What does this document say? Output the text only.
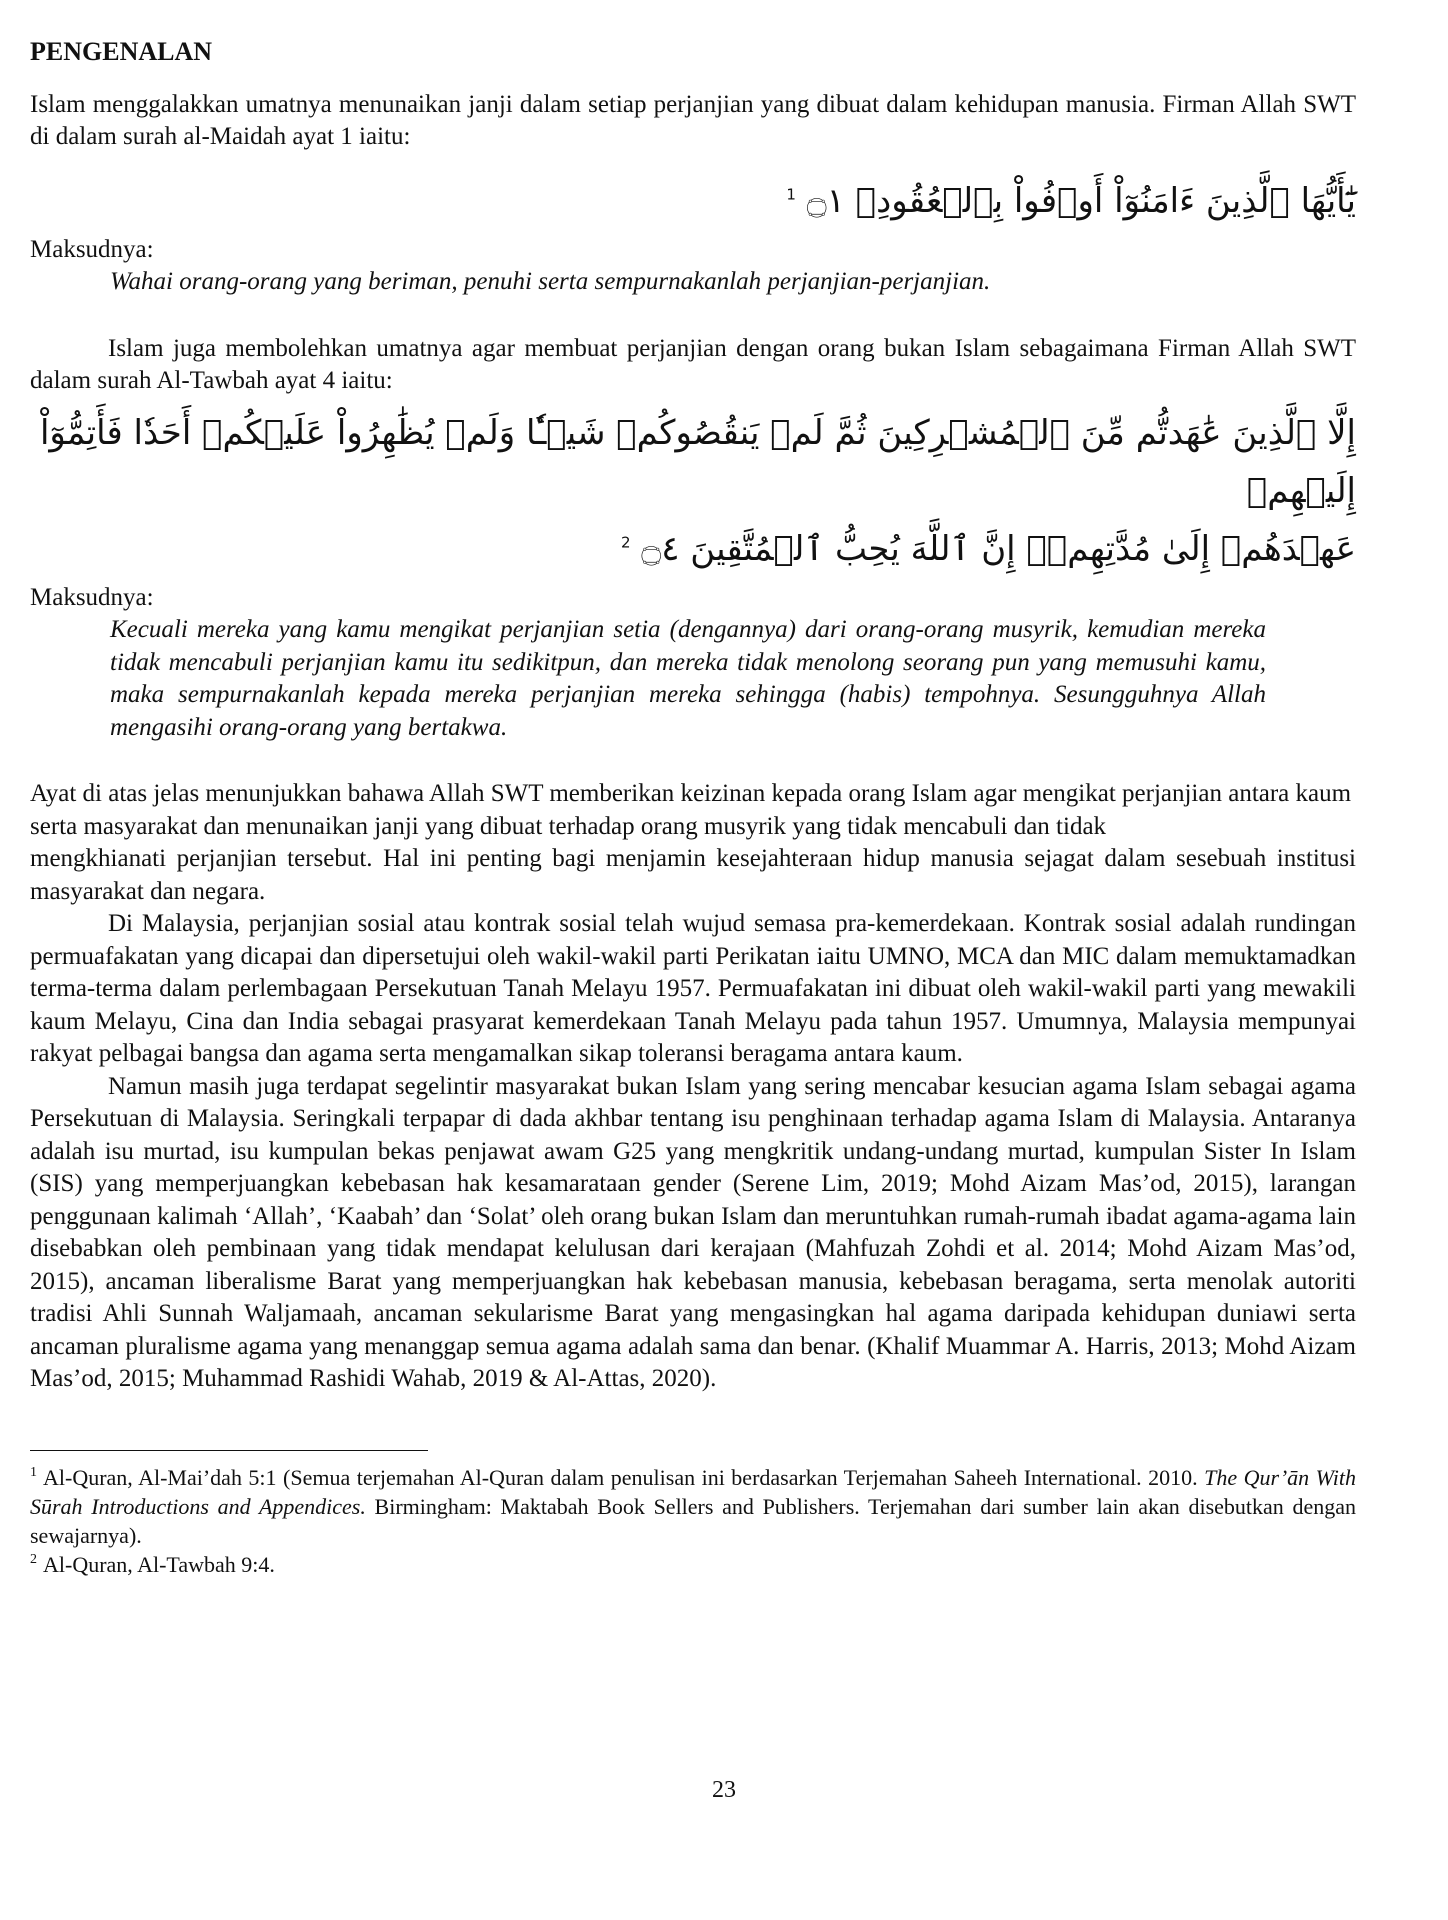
PENGENALAN

Islam menggalakkan umatnya menunaikan janji dalam setiap perjanjian yang dibuat dalam kehidupan manusia. Firman Allah SWT di dalam surah al-Maidah ayat 1 iaitu:

يَٰٓأَيُّهَا ٱلَّذِينَ ءَامَنُوٓاْ أَوۡفُواْ بِٱلۡعُقُودِۚ ۝١ $^1$
Maksudnya:

Wahai orang-orang yang beriman, penuhi serta sempurnakanlah perjanjian-perjanjian.

Islam juga membolehkan umatnya agar membuat perjanjian dengan orang bukan Islam sebagaimana Firman Allah SWT dalam surah Al-Tawbah ayat 4 iaitu:

إِلَّا ٱلَّذِينَ عَٰهَدتُّم مِّنَ ٱلۡمُشۡرِكِينَ ثُمَّ لَمۡ يَنقُصُوكُمۡ شَيۡـٔٗا وَلَمۡ يُظَٰهِرُواْ عَلَيۡكُمۡ أَحَدٗا فَأَتِمُّوٓاْ إِلَيۡهِمۡ
عَهۡدَهُمۡ إِلَىٰ مُدَّتِهِمۡۚ إِنَّ ٱللَّهَ يُحِبُّ ٱلۡمُتَّقِينَ ۝٤ $^2$
Maksudnya:

Kecuali mereka yang kamu mengikat perjanjian setia (dengannya) dari orang-orang musyrik, kemudian mereka tidak mencabuli perjanjian kamu itu sedikitpun, dan mereka tidak menolong seorang pun yang memusuhi kamu, maka sempurnakanlah kepada mereka perjanjian mereka sehingga (habis) tempohnya. Sesungguhnya Allah mengasihi orang-orang yang bertakwa.

Ayat di atas jelas menunjukkan bahawa Allah SWT memberikan keizinan kepada orang Islam agar mengikat perjanjian antara kaum serta masyarakat dan menunaikan janji yang dibuat terhadap orang musyrik yang tidak mencabuli dan tidak

mengkhianati perjanjian tersebut. Hal ini penting bagi menjamin kesejahteraan hidup manusia sejagat dalam sesebuah institusi masyarakat dan negara.

Di Malaysia, perjanjian sosial atau kontrak sosial telah wujud semasa pra-kemerdekaan. Kontrak sosial adalah rundingan permuafakatan yang dicapai dan dipersetujui oleh wakil-wakil parti Perikatan iaitu UMNO, MCA dan MIC dalam memuktamadkan terma-terma dalam perlembagaan Persekutuan Tanah Melayu 1957. Permuafakatan ini dibuat oleh wakil-wakil parti yang mewakili kaum Melayu, Cina dan India sebagai prasyarat kemerdekaan Tanah Melayu pada tahun 1957. Umumnya, Malaysia mempunyai rakyat pelbagai bangsa dan agama serta mengamalkan sikap toleransi beragama antara kaum.

Namun masih juga terdapat segelintir masyarakat bukan Islam yang sering mencabar kesucian agama Islam sebagai agama Persekutuan di Malaysia. Seringkali terpapar di dada akhbar tentang isu penghinaan terhadap agama Islam di Malaysia. Antaranya adalah isu murtad, isu kumpulan bekas penjawat awam G25 yang mengkritik undang-undang murtad, kumpulan Sister In Islam (SIS) yang memperjuangkan kebebasan hak kesamarataan gender (Serene Lim, 2019; Mohd Aizam Mas’od, 2015), larangan penggunaan kalimah ‘Allah’, ‘Kaabah’ dan ‘Solat’ oleh orang bukan Islam dan meruntuhkan rumah-rumah ibadat agama-agama lain disebabkan oleh pembinaan yang tidak mendapat kelulusan dari kerajaan (Mahfuzah Zohdi et al. 2014; Mohd Aizam Mas’od, 2015), ancaman liberalisme Barat yang memperjuangkan hak kebebasan manusia, kebebasan beragama, serta menolak autoriti tradisi Ahli Sunnah Waljamaah, ancaman sekularisme Barat yang mengasingkan hal agama daripada kehidupan duniawi serta ancaman pluralisme agama yang menanggap semua agama adalah sama dan benar. (Khalif Muammar A. Harris, 2013; Mohd Aizam Mas’od, 2015; Muhammad Rashidi Wahab, 2019 & Al-Attas, 2020).

$^1$ Al-Quran, Al-Mai’dah 5:1 (Semua terjemahan Al-Quran dalam penulisan ini berdasarkan Terjemahan Saheeh International. 2010. The Qur’ān With Sūrah Introductions and Appendices. Birmingham: Maktabah Book Sellers and Publishers. Terjemahan dari sumber lain akan disebutkan dengan sewajarnya).
$^2$ Al-Quran, Al-Tawbah 9:4.
23
